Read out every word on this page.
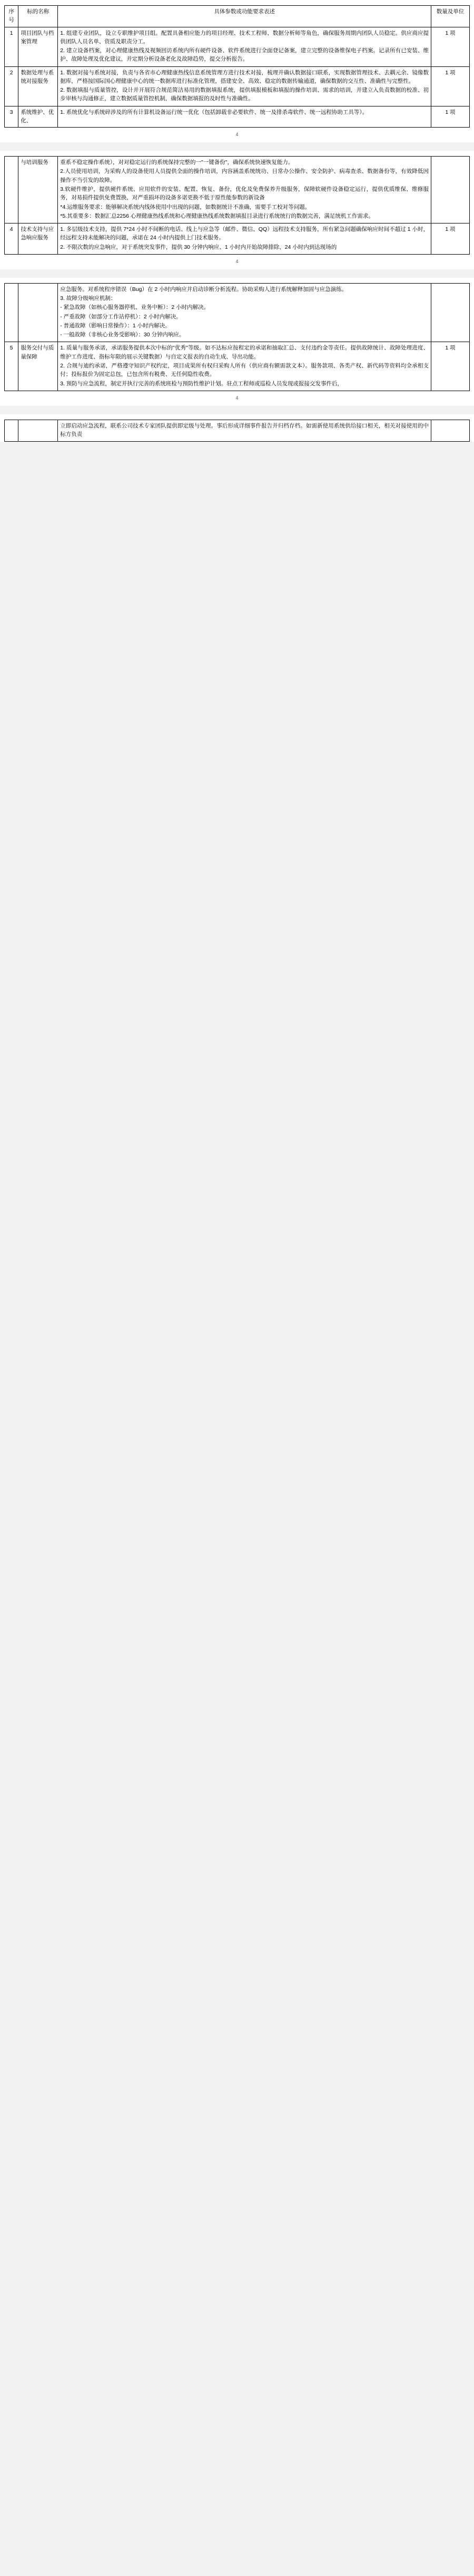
序号	标的名称	具体参数或功能要求表述	数量及单位
1	项目团队与档案管理	1. 组建专业团队，设立专职维护项目组。配置具备相应能力的项目经理、技术工程师、数据分析师等角色，确保服务周期内团队人员稳定。供应商应提供团队人员名单、资质及职责分工。

2. 建立设备档案，对心理健康热线及视频回访系统内所有硬件设备、软件系统进行全面登记备案，建立完整的设备维保电子档案。记录所有已安装、维护、故障处理及优化建议，并定期分析设备老化及故障趋势，提交分析报告。	1 项
2	数据处理与系统对接服务	1. 数据对接与系统对接，负责与各省市心理健康热线信息系统管理方进行技术对接，梳理并确认数据接口联系，实现数据管理技术、去耦元余、镜像数据库，严格按国际国心理健康中心的统一数据库进行标准化管理，搭建安全、高效、稳定的数据传输通道，确保数据的交互性、准确性与完整性。

2. 数据填报与质量管控，设计并开展符合规范简洁易用的数据填报系统，提供填报模板和填报的操作培训、需求的培训，并建立入负责数据的校准、初步审核与沟通修正，建立数据质量管控机制，确保数据填报的及时性与准确性。	1 项
3	系统维护、优化、	1. 系统优化与系统碎涉及的所有计算机设备运行统一优化（包括卸载非必要软件、统一及排杀毒软件、统一远程协助工具等）。	1 项
4
	与培训服务	重系不稳定操作系统），对对稳定运行的系统保持完整的一"一键备份"，确保系统快速恢复能力。

2.人员使用培训，为采购人的设备使用人员提供全面的操作培训，内容涵盖系统统功、日常办公操作、安全防护、病毒查杀、数据备份等，有效降低因操作不当引发的故障。

3.软硬件维护，提供硬件系统、应用软件的安装、配置、恢复、备份，优化及免费保养升级服务，保障软硬件设备稳定运行，提供优质维保、维修服务，对易损件提供免费置换，对严重损坏的设备多诺更换不低于原性能参数的新设备

*4.运维服务要求：能够解决系统内线体使用中出现的问题，如数据统计不准确，需要手工校对等问题。

*5.其重要多：数据汇总2256 心理健康热线系统和心理健康热线系统数据填报目录进行系统统行的数据完善，满足统机工作需求。	

4	技术支持与应急响应服务	1. 多层级技术支持，提供 7*24 小时不间断的电话、线上与应急等（邮件、微信、QQ）远程技术支持服务，所有紧急问题确保响应时间不超过 1 小时，经远程支持未能解决的问题，承诺在 24 小时内提供上门技术服务。

2. 不限次数的应急响应，对于系统突发事件，提供 30 分钟内响应、1 小时内开始故障排除、24 小时内到达现场的	1 项
4

应急服务。对系统程序错误（Bug）在 2 小时内响应并启动诊断分析流程。协助采购人进行系统解释加固与应急演练。

3. 故障分级响应机制：

- 紧急故障（如核心服务器停机、业务中断）：2 小时内解决。

- 严重故障（如部分工作站停机）：2 小时内解决。

- 普通故障（影响日常操作）：1 小时内解决。

- 一般故障（非核心业务受影响）：30 分钟内响应。

5	服务交付与质量保障	1. 质量与服务承诺，承诺服务提供本次中标的"优秀"等级。如不达标应按程定的承诺和抽取汇总、支付违约金等责任。提供故障统计、故障处理进度、维护工作进度、指标年限的展示关键数据）与自定义报表的自动生成、导出功能。

2. 合规与迪约承诺，严格遵守知识产权约定，项目成果所有权归采购人所有（供应商有额需款文本）。服务款项、各类产权、新代码等资料均全承相支付；投标报价为固定总包，已包含所有税费、无任何隐性收费。

3. 预防与应急流程，制定并执行完善的系统班检与预防性维护计划。驻点工程师或巡检人员发现或报接交发事件后，	1 项
4

立即启动应急流程，联系公司技术专家团队提供即定级与处理。事后形成详细事件报告并归档存档。如需新使用系统供给接口相关，相关对接使用的中标方负责
